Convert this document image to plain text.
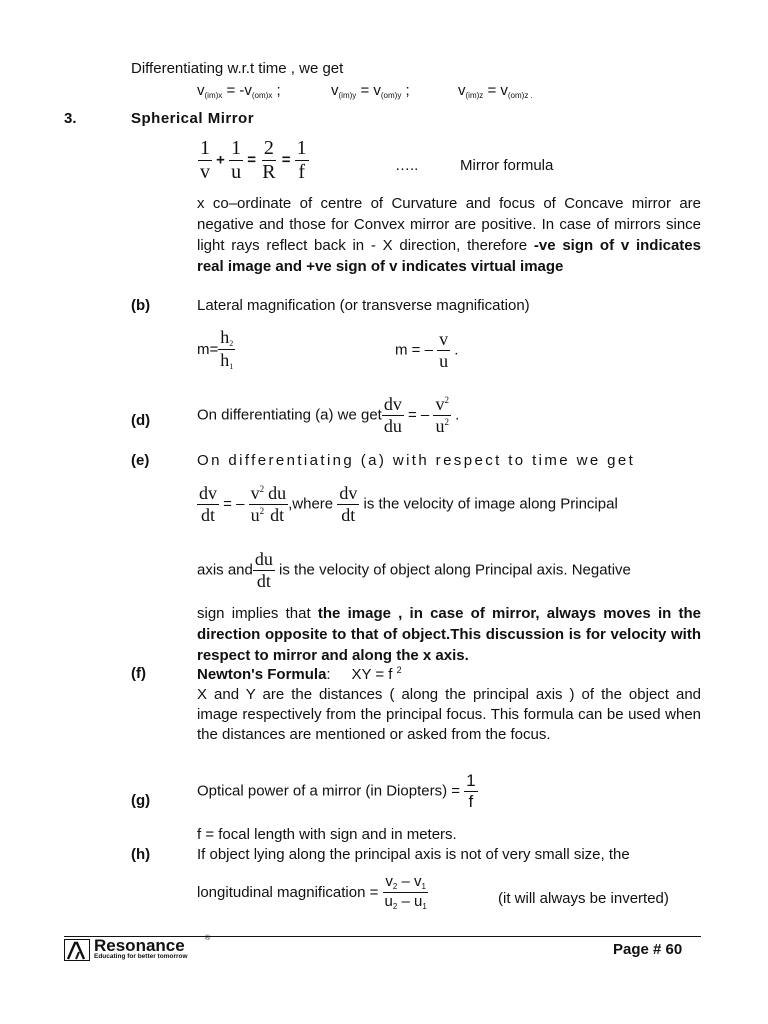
Differentiating w.r.t time , we get
$v_{(im)x} = -v_{(om)x}$ ;	$v_{(im)y} = v_{(om)y}$ ;	$v_{(im)z} = v_{(om)z .}$
3.	Spherical Mirror
$\frac{1}{v} + \frac{1}{u} = \frac{2}{R} = \frac{1}{f}$	…..	Mirror formula
x co–ordinate of centre of Curvature and focus of Concave mirror are negative and those for Convex mirror are positive. In case of mirrors since light rays reflect back in - X direction, therefore -ve sign of v indicates          real image and +ve sign of v indicates virtual image
(b)	Lateral magnification (or transverse magnification)
$m= \frac{h_2}{h_1}$	m = – $\frac{v}{u}$ .
(d)	On differentiating (a) we get $\frac{dv}{du}$ = – $\frac{v^2}{u^2}$ .
(e)	On differentiating (a) with respect to time we get
$\frac{dv}{dt}$ = – $\frac{v^2}{u^2} \frac{du}{dt}$ ,where $\frac{dv}{dt}$ is the velocity of image along Principal
axis and $\frac{du}{dt}$ is the velocity of object along Principal axis. Negative
sign implies that the image , in case of mirror, always moves in the direction opposite to that of object.This discussion is for velocity with respect to mirror and along the x axis.
(f)	Newton's Formula:     XY = f $^2$
X and Y are the distances ( along the principal axis ) of the object and image respectively from the principal focus. This formula can be used when the distances are mentioned or asked from the focus.
(g)
Optical power of a mirror (in Diopters) = $\frac{1}{f}$
f = focal length with sign and in meters.
(h)	If object lying along the principal axis is not of very small size, the
longitudinal magnification = $\frac{v_2 - v_1}{u_2 - u_1}$	(it will always be inverted)
Resonance	®
Educating for better tomorrow	Page # 60
